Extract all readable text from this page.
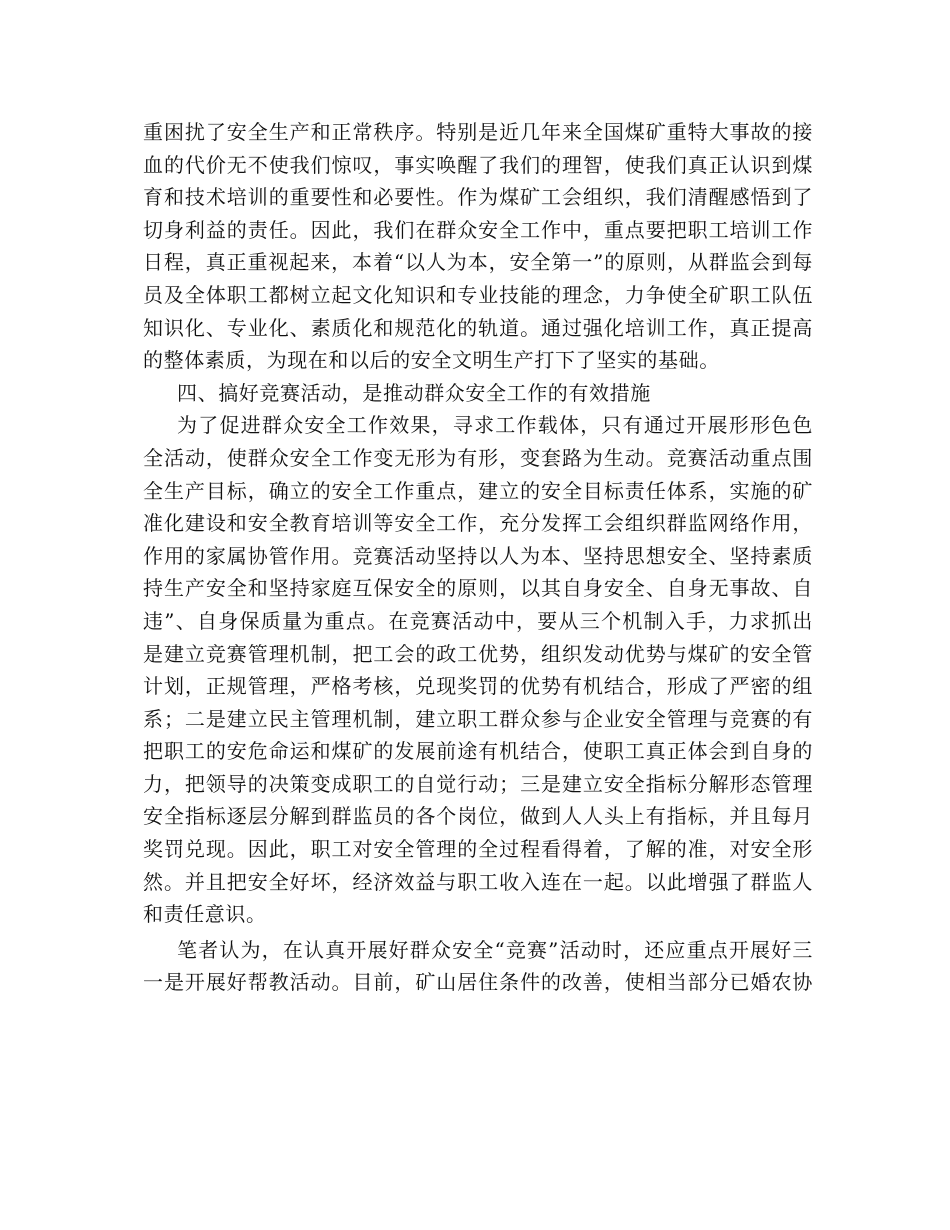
重困扰了安全生产和正常秩序。特别是近几年来全国煤矿重特大事故的接
血的代价无不使我们惊叹，事实唤醒了我们的理智，使我们真正认识到煤
育和技术培训的重要性和必要性。作为煤矿工会组织，我们清醒感悟到了
切身利益的责任。因此，我们在群众安全工作中，重点要把职工培训工作
日程，真正重视起来，本着“以人为本，安全第一”的原则，从群监会到每
员及全体职工都树立起文化知识和专业技能的理念，力争使全矿职工队伍
知识化、专业化、素质化和规范化的轨道。通过强化培训工作，真正提高
的整体素质，为现在和以后的安全文明生产打下了坚实的基础。
四、搞好竞赛活动，是推动群众安全工作的有效措施
为了促进群众安全工作效果，寻求工作载体，只有通过开展形形色色
全活动，使群众安全工作变无形为有形，变套路为生动。竞赛活动重点围
全生产目标，确立的安全工作重点，建立的安全目标责任体系，实施的矿
准化建设和安全教育培训等安全工作，充分发挥工会组织群监网络作用，
作用的家属协管作用。竞赛活动坚持以人为本、坚持思想安全、坚持素质
持生产安全和坚持家庭互保安全的原则，以其自身安全、自身无事故、自
违”、自身保质量为重点。在竞赛活动中，要从三个机制入手，力求抓出
是建立竞赛管理机制，把工会的政工优势，组织发动优势与煤矿的安全管
计划，正规管理，严格考核，兑现奖罚的优势有机结合，形成了严密的组
系；二是建立民主管理机制，建立职工群众参与企业安全管理与竞赛的有
把职工的安危命运和煤矿的发展前途有机结合，使职工真正体会到自身的
力，把领导的决策变成职工的自觉行动；三是建立安全指标分解形态管理
安全指标逐层分解到群监员的各个岗位，做到人人头上有指标，并且每月
奖罚兑现。因此，职工对安全管理的全过程看得着，了解的准，对安全形
然。并且把安全好坏，经济效益与职工收入连在一起。以此增强了群监人
和责任意识。
笔者认为，在认真开展好群众安全“竞赛”活动时，还应重点开展好三
一是开展好帮教活动。目前，矿山居住条件的改善，使相当部分已婚农协
